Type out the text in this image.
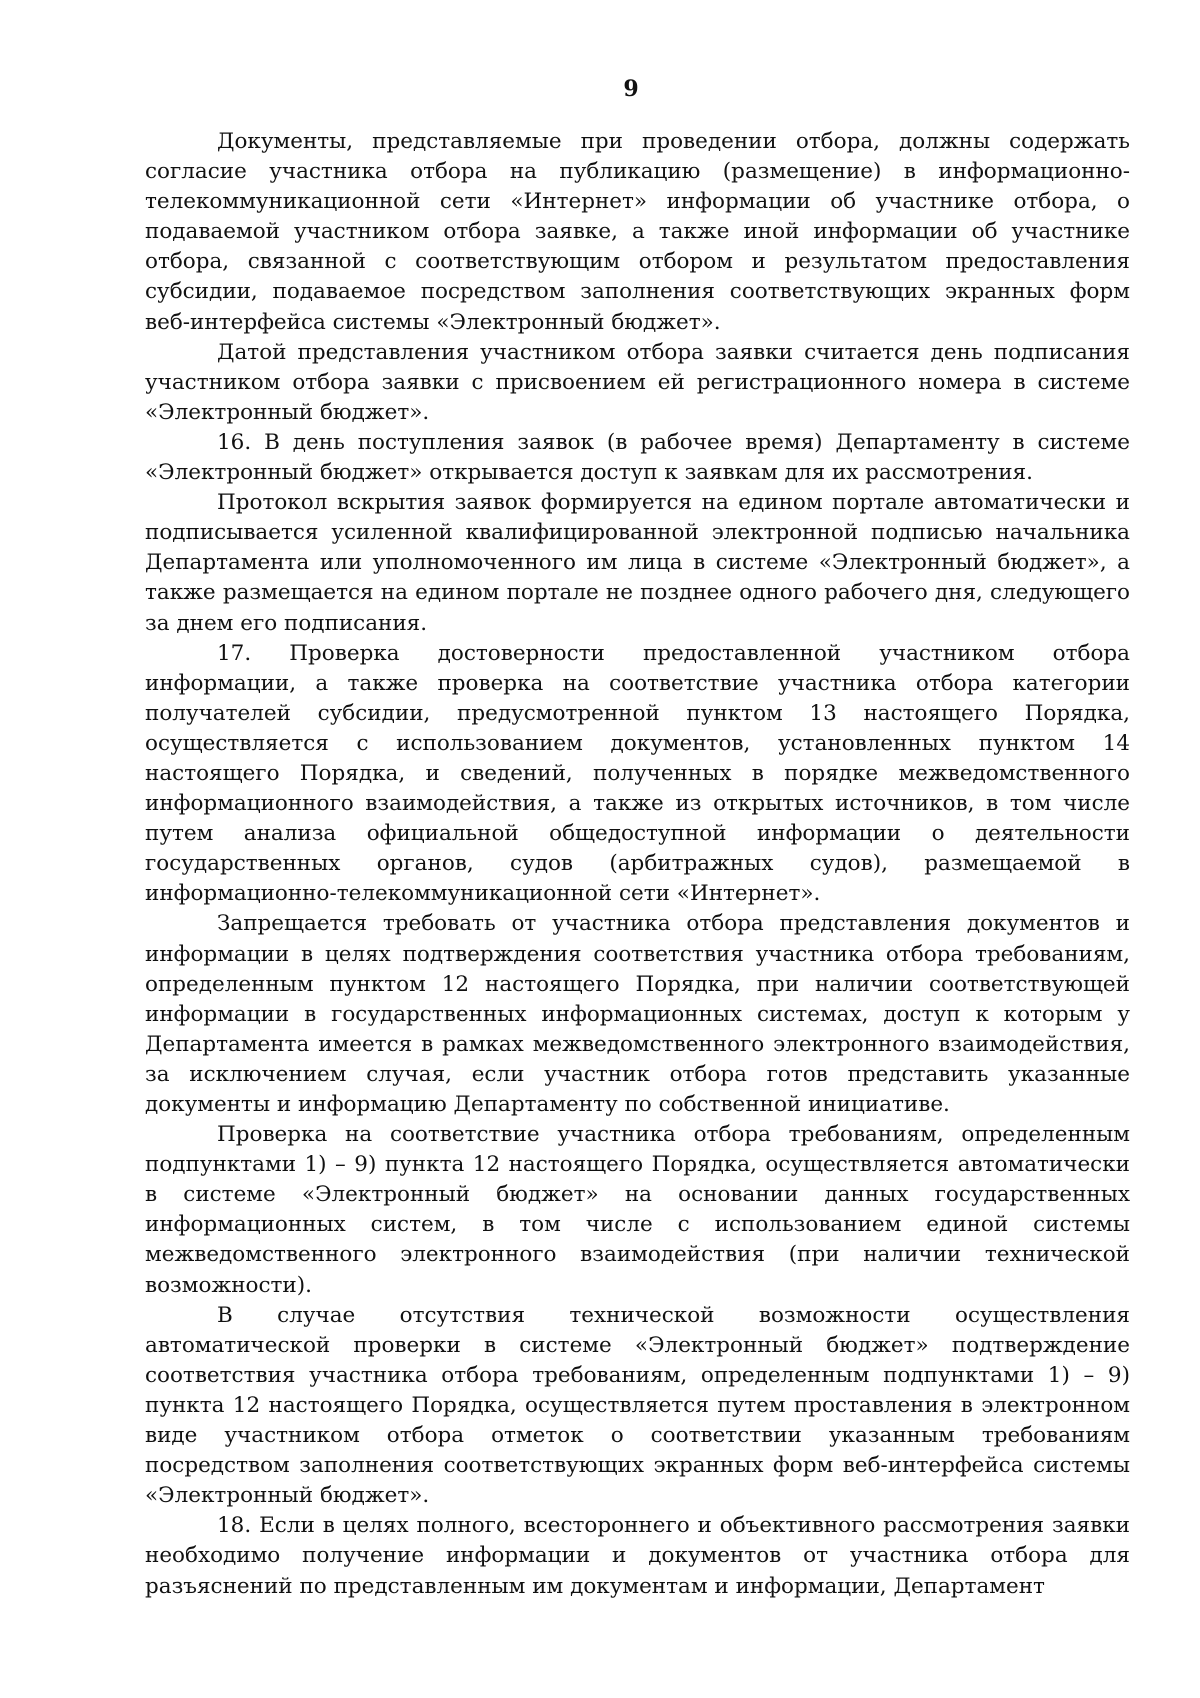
9

Документы, представляемые при проведении отбора, должны содержать согласие участника отбора на публикацию (размещение) в информационно-телекоммуникационной сети «Интернет» информации об участнике отбора, о подаваемой участником отбора заявке, а также иной информации об участнике отбора, связанной с соответствующим отбором и результатом предоставления субсидии, подаваемое посредством заполнения соответствующих экранных форм веб-интерфейса системы «Электронный бюджет».

Датой представления участником отбора заявки считается день подписания участником отбора заявки с присвоением ей регистрационного номера в системе «Электронный бюджет».

16. В день поступления заявок (в рабочее время) Департаменту в системе «Электронный бюджет» открывается доступ к заявкам для их рассмотрения.

Протокол вскрытия заявок формируется на едином портале автоматически и подписывается усиленной квалифицированной электронной подписью начальника Департамента или уполномоченного им лица в системе «Электронный бюджет», а также размещается на едином портале не позднее одного рабочего дня, следующего за днем его подписания.

17. Проверка достоверности предоставленной участником отбора информации, а также проверка на соответствие участника отбора категории получателей субсидии, предусмотренной пунктом 13 настоящего Порядка, осуществляется с использованием документов, установленных пунктом 14 настоящего Порядка, и сведений, полученных в порядке межведомственного информационного взаимодействия, а также из открытых источников, в том числе путем анализа официальной общедоступной информации о деятельности государственных органов, судов (арбитражных судов), размещаемой в информационно-телекоммуникационной сети «Интернет».

Запрещается требовать от участника отбора представления документов и информации в целях подтверждения соответствия участника отбора требованиям, определенным пунктом 12 настоящего Порядка, при наличии соответствующей информации в государственных информационных системах, доступ к которым у Департамента имеется в рамках межведомственного электронного взаимодействия, за исключением случая, если участник отбора готов представить указанные документы и информацию Департаменту по собственной инициативе.

Проверка на соответствие участника отбора требованиям, определенным подпунктами 1) – 9) пункта 12 настоящего Порядка, осуществляется автоматически в системе «Электронный бюджет» на основании данных государственных информационных систем, в том числе с использованием единой системы межведомственного электронного взаимодействия (при наличии технической возможности).

В случае отсутствия технической возможности осуществления автоматической проверки в системе «Электронный бюджет» подтверждение соответствия участника отбора требованиям, определенным подпунктами 1) – 9) пункта 12 настоящего Порядка, осуществляется путем проставления в электронном виде участником отбора отметок о соответствии указанным требованиям посредством заполнения соответствующих экранных форм веб-интерфейса системы «Электронный бюджет».

18. Если в целях полного, всестороннего и объективного рассмотрения заявки необходимо получение информации и документов от участника отбора для разъяснений по представленным им документам и информации, Департамент
